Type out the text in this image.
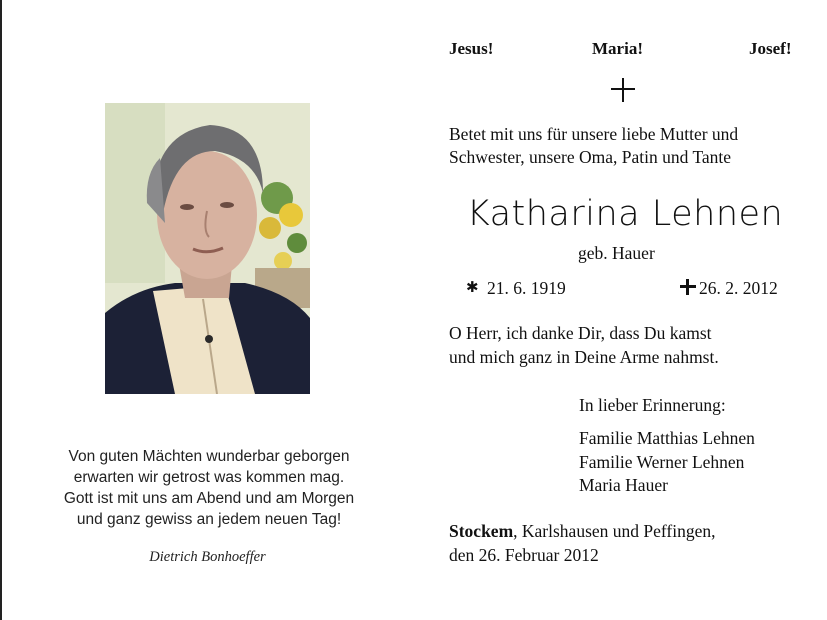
Von guten Mächten wunderbar geborgen
erwarten wir getrost was kommen mag.
Gott ist mit uns am Abend und am Morgen
und ganz gewiss an jedem neuen Tag!
Dietrich Bonhoeffer
Jesus!	Maria!	Josef!
Betet mit uns für unsere liebe Mutter und
Schwester, unsere Oma, Patin und Tante
Katharina Lehnen
geb. Hauer
✱ 21. 6. 1919	26. 2. 2012
O Herr, ich danke Dir, dass Du kamst
und mich ganz in Deine Arme nahmst.
In lieber Erinnerung:
Familie Matthias Lehnen
Familie Werner Lehnen
Maria Hauer
Stockem, Karlshausen und Peffingen,
den 26. Februar 2012
